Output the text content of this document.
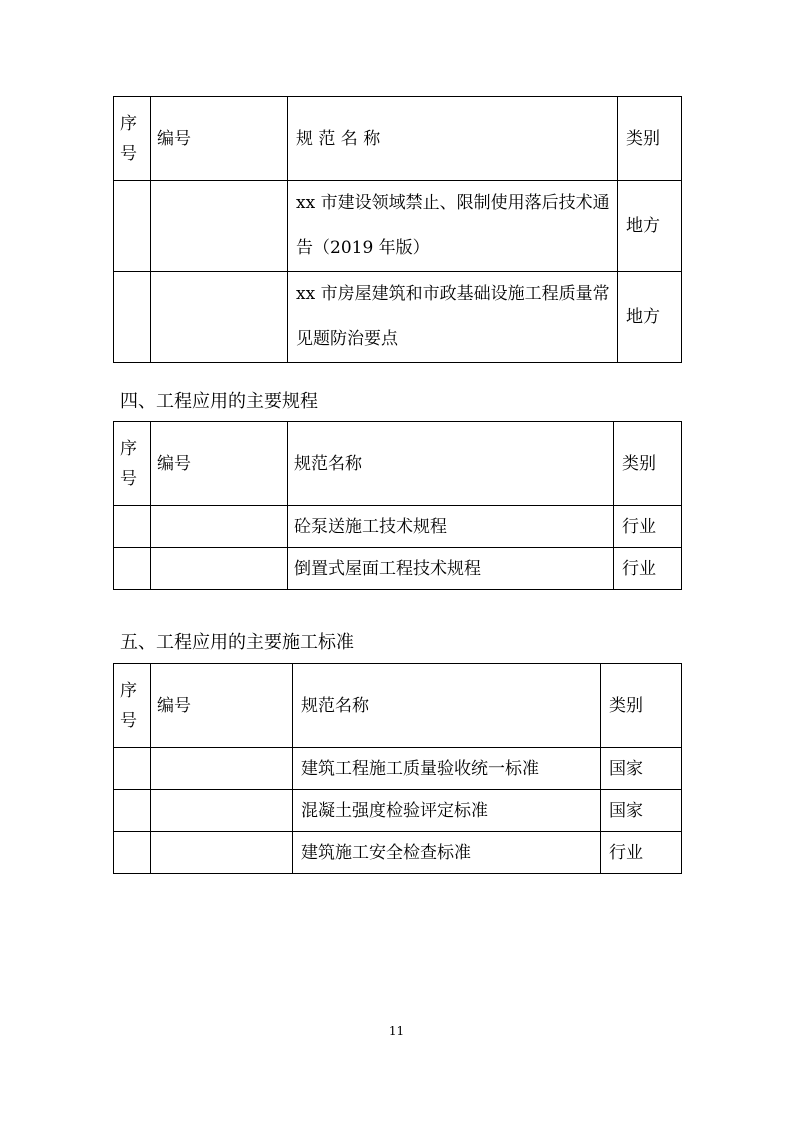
序号	编号	规 范 名 称	类别
		xx 市建设领域禁止、限制使用落后技术通告（2019 年版）	地方
		xx 市房屋建筑和市政基础设施工程质量常见题防治要点	地方
四、工程应用的主要规程
序号	编号	规范名称	类别
		砼泵送施工技术规程	行业
		倒置式屋面工程技术规程	行业
五、工程应用的主要施工标准
序号	编号	规范名称	类别
		建筑工程施工质量验收统一标准	国家
		混凝土强度检验评定标准	国家
		建筑施工安全检查标准	行业
11
